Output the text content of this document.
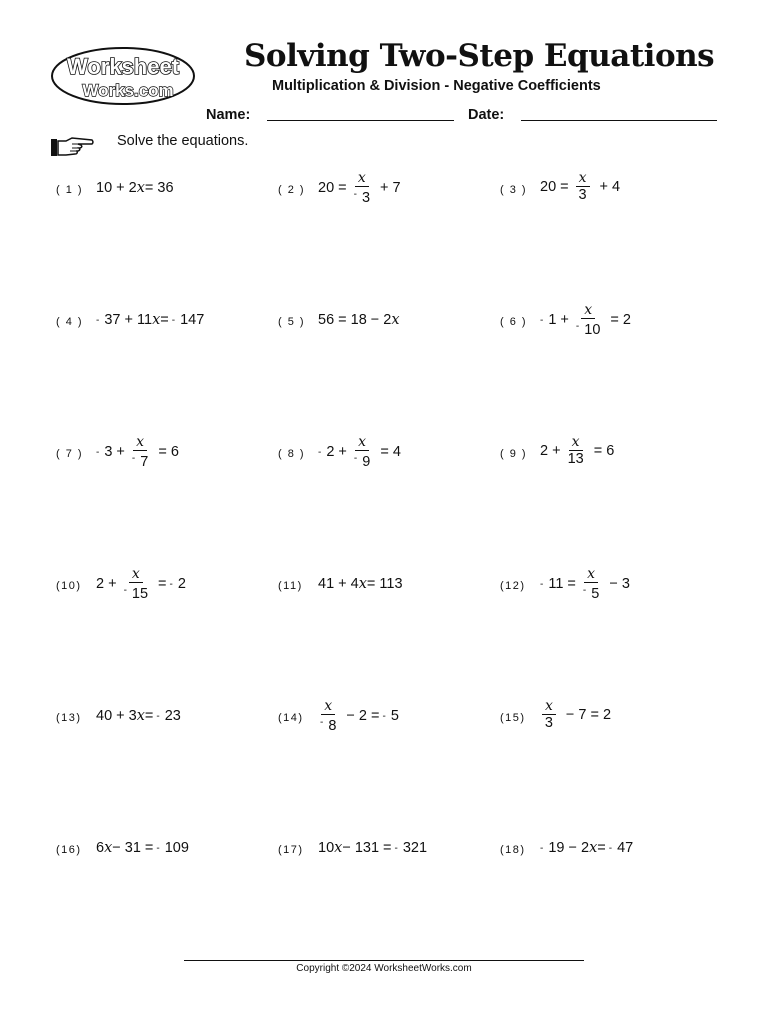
Worksheet
Works.com
Solving Two-Step Equations
Multiplication & Division - Negative Coefficients
Name:	Date:
Solve the equations.
( 1 ) 10 + 2 x = 36	( 2 ) $20 = \frac{x}{^- 3} + 7$	( 3 ) $20 = \frac{x}{3} + 4$
( 4 ) - 37 + 11 x = - 147	( 5 ) 56 = 18 − 2 x	( 6 ) - $1 + \frac{x}{^- 10} = 2$
( 7 ) - $3 + \frac{x}{^- 7} = 6$	( 8 ) - $2 + \frac{x}{^- 9} = 4$	( 9 ) $2 + \frac{x}{13} = 6$
(10) $2 + \frac{x}{^- 15}$ = - 2	(11) 41 + 4 x = 113	$(12) - 11 = \frac{x}{^- 5} - 3$
(13) 40 + 3 x = - 23	$(14) \frac{x}{^- 8} - 2$ = - 5	$(15) \frac{x}{3} - 7 = 2$
(16) 6 x − 31 = - 109	(17) 10 x − 131 = - 321	(18) - 19 − 2 x = - 47
Copyright ©2024 WorksheetWorks.com
